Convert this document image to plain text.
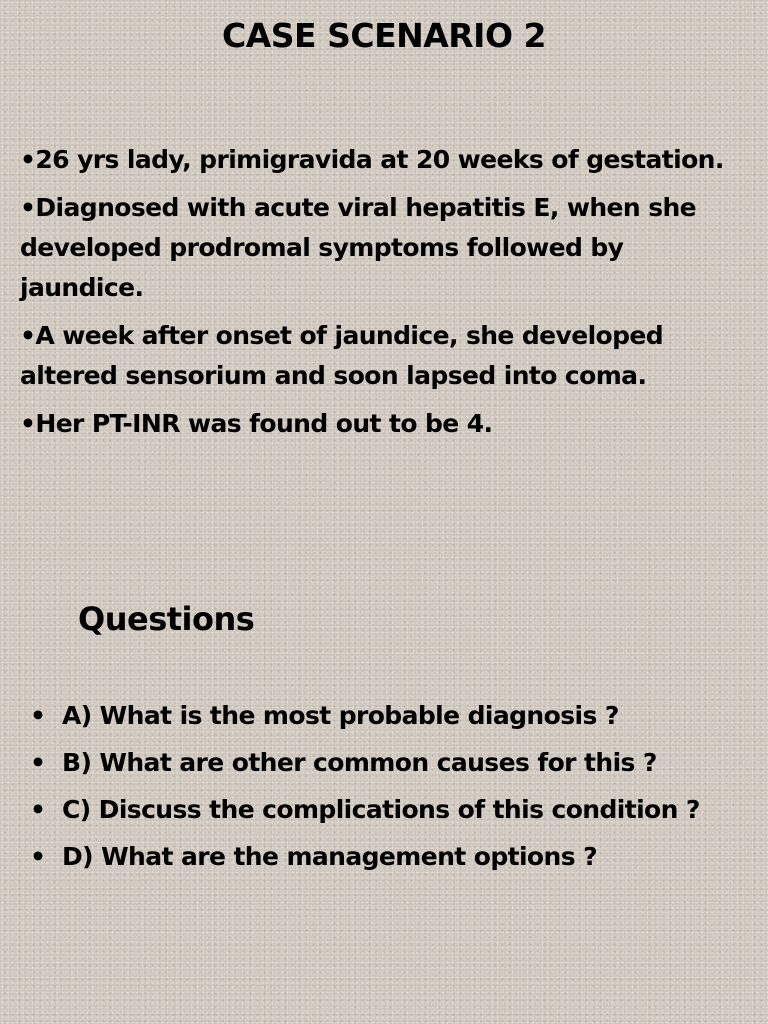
CASE SCENARIO 2

•26 yrs lady, primigravida at 20 weeks of gestation.

•Diagnosed with acute viral hepatitis E, when she developed prodromal symptoms followed by jaundice.

•A week after onset of jaundice, she developed altered sensorium and soon lapsed into coma.

•Her PT-INR was found out to be 4.

Questions
• A) What is the most probable diagnosis ?
• B) What are other common causes for this ?
• C) Discuss the complications of this condition ?
• D) What are the management options ?
